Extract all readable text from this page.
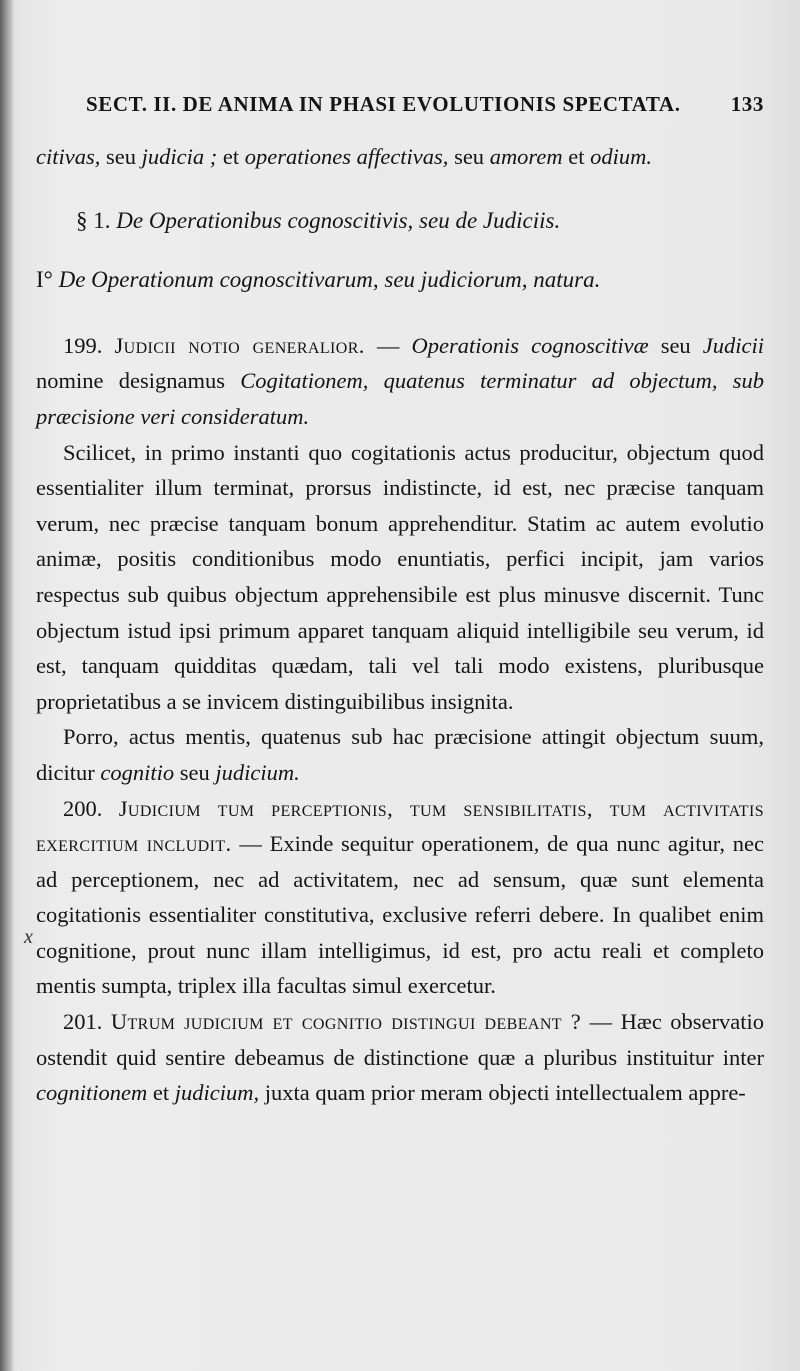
SECT. II. DE ANIMA IN PHASI EVOLUTIONIS SPECTATA. 133

citivas, seu judicia ; et operationes affectivas, seu amorem et odium.

§ 1. De Operationibus cognoscitivis, seu de Judiciis.

I° De Operationum cognoscitivarum, seu judiciorum, natura.

199. Judicii notio generalior. — Operationis cognoscitivæ seu Judicii nomine designamus Cogitationem, quatenus terminatur ad objectum, sub præcisione veri consideratum.

Scilicet, in primo instanti quo cogitationis actus producitur, objectum quod essentialiter illum terminat, prorsus indistincte, id est, nec præcise tanquam verum, nec præcise tanquam bonum apprehenditur. Statim ac autem evolutio animæ, positis conditionibus modo enuntiatis, perfici incipit, jam varios respectus sub quibus objectum apprehensibile est plus minusve discernit. Tunc objectum istud ipsi primum apparet tanquam aliquid intelligibile seu verum, id est, tanquam quidditas quædam, tali vel tali modo existens, pluribusque proprietatibus a se invicem distinguibilibus insignita.

Porro, actus mentis, quatenus sub hac præcisione attingit objectum suum, dicitur cognitio seu judicium.

200. Judicium tum perceptionis, tum sensibilitatis, tum activitatis exercitium includit. — Exinde sequitur operationem, de qua nunc agitur, nec ad perceptionem, nec ad activitatem, nec ad sensum, quæ sunt elementa cogitationis essentialiter constitutiva, exclusive referri debere. In qualibet enim cognitione, prout nunc illam intelligimus, id est, pro actu reali et completo mentis sumpta, triplex illa facultas simul exercetur.

201. Utrum judicium et cognitio distingui debeant ? — Hæc observatio ostendit quid sentire debeamus de distinctione quæ a pluribus instituitur inter cognitionem et judicium, juxta quam prior meram objecti intellectualem appre-

x
